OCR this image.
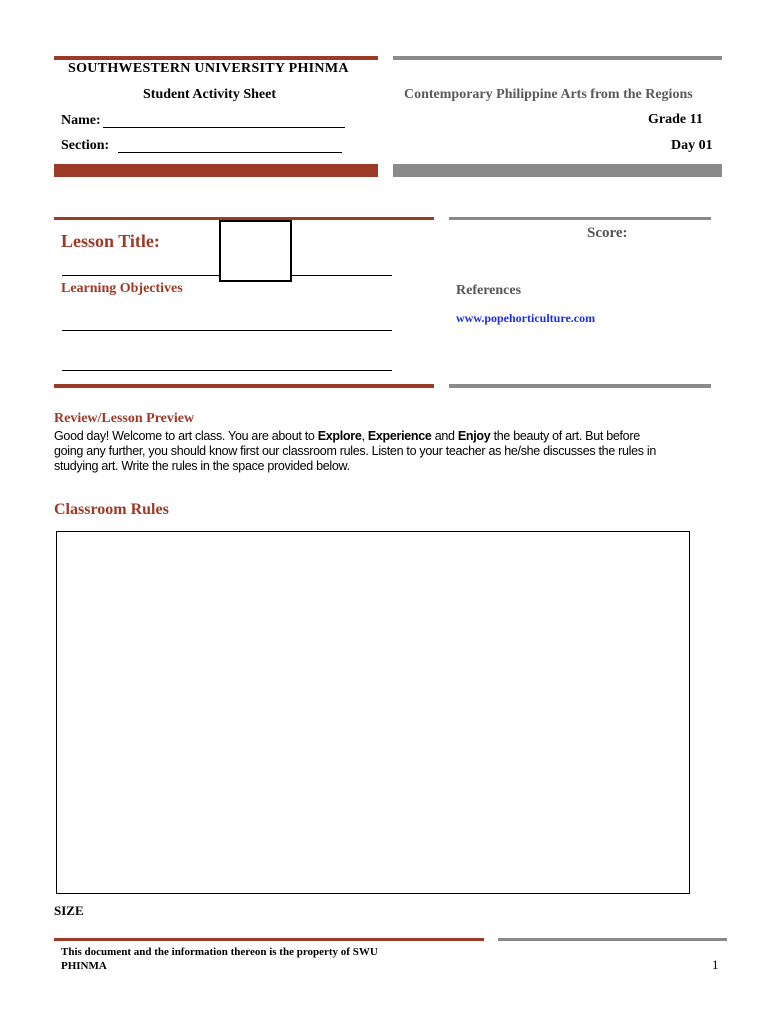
SOUTHWESTERN UNIVERSITY PHINMA
Student Activity Sheet
Name:
Section:
Contemporary Philippine Arts from the Regions
Grade 11
Day 01
Lesson Title:
Learning Objectives
Score:
References
www.popehorticulture.com
Review/Lesson Preview
Good day! Welcome to art class. You are about to Explore, Experience and Enjoy the beauty of art. But before
going any further, you should know first our classroom rules. Listen to your teacher as he/she discusses the rules in
studying art. Write the rules in the space provided below.
Classroom Rules
SIZE
This document and the information thereon is the property of SWU
PHINMA	1
